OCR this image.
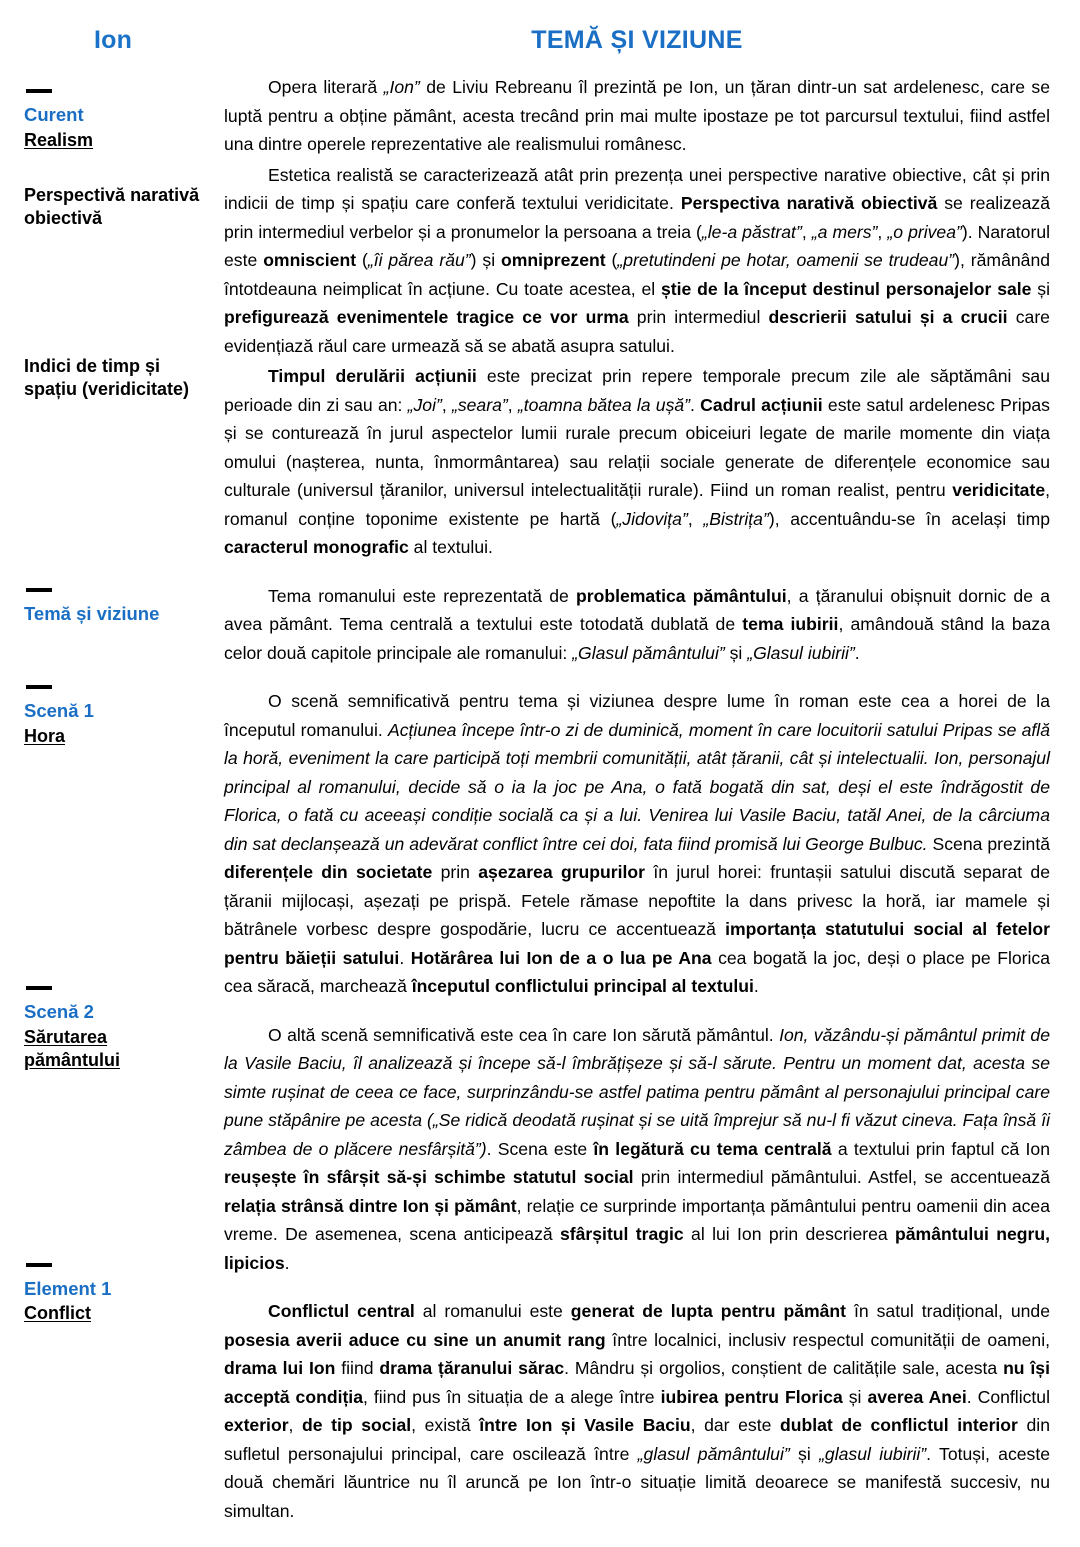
Ion
Curent
Realism
Perspectivă narativă obiectivă
Indici de timp și spațiu (veridicitate)
Temă și viziune
Scenă 1
Hora
Scenă 2
Sărutarea pământului
Element 1
Conflict
TEMĂ ȘI VIZIUNE

Opera literară „Ion” de Liviu Rebreanu îl prezintă pe Ion, un țăran dintr-un sat ardelenesc, care se luptă pentru a obține pământ, acesta trecând prin mai multe ipostaze pe tot parcursul textului, fiind astfel una dintre operele reprezentative ale realismului românesc.

Estetica realistă se caracterizează atât prin prezența unei perspective narative obiective, cât și prin indicii de timp și spațiu care conferă textului veridicitate. Perspectiva narativă obiectivă se realizează prin intermediul verbelor și a pronumelor la persoana a treia („le-a păstrat”, „a mers”, „o privea”). Naratorul este omniscient („îi părea rău”) și omniprezent („pretutindeni pe hotar, oamenii se trudeau”), rămânând întotdeauna neimplicat în acțiune. Cu toate acestea, el știe de la început destinul personajelor sale și prefigurează evenimentele tragice ce vor urma prin intermediul descrierii satului și a crucii care evidențiază răul care urmează să se abată asupra satului.

Timpul derulării acțiunii este precizat prin repere temporale precum zile ale săptămâni sau perioade din zi sau an: „Joi”, „seara”, „toamna bătea la ușă”. Cadrul acțiunii este satul ardelenesc Pripas și se conturează în jurul aspectelor lumii rurale precum obiceiuri legate de marile momente din viața omului (nașterea, nunta, înmormântarea) sau relații sociale generate de diferențele economice sau culturale (universul țăranilor, universul intelectualității rurale). Fiind un roman realist, pentru veridicitate, romanul conține toponime existente pe hartă („Jidovița”, „Bistrița”), accentuându-se în același timp caracterul monografic al textului.

Tema romanului este reprezentată de problematica pământului, a țăranului obișnuit dornic de a avea pământ. Tema centrală a textului este totodată dublată de tema iubirii, amândouă stând la baza celor două capitole principale ale romanului: „Glasul pământului” și „Glasul iubirii”.

O scenă semnificativă pentru tema și viziunea despre lume în roman este cea a horei de la începutul romanului. Acțiunea începe într-o zi de duminică, moment în care locuitorii satului Pripas se află la horă, eveniment la care participă toți membrii comunității, atât țăranii, cât și intelectualii. Ion, personajul principal al romanului, decide să o ia la joc pe Ana, o fată bogată din sat, deși el este îndrăgostit de Florica, o fată cu aceeași condiție socială ca și a lui. Venirea lui Vasile Baciu, tatăl Anei, de la cârciuma din sat declanșează un adevărat conflict între cei doi, fata fiind promisă lui George Bulbuc. Scena prezintă diferențele din societate prin așezarea grupurilor în jurul horei: fruntașii satului discută separat de țăranii mijlocași, așezați pe prispă. Fetele rămase nepoftite la dans privesc la horă, iar mamele și bătrânele vorbesc despre gospodărie, lucru ce accentuează importanța statutului social al fetelor pentru băieții satului. Hotărârea lui Ion de a o lua pe Ana cea bogată la joc, deși o place pe Florica cea săracă, marchează începutul conflictului principal al textului.

O altă scenă semnificativă este cea în care Ion sărută pământul. Ion, văzându-și pământul primit de la Vasile Baciu, îl analizează și începe să-l îmbrățișeze și să-l sărute. Pentru un moment dat, acesta se simte rușinat de ceea ce face, surprinzându-se astfel patima pentru pământ al personajului principal care pune stăpânire pe acesta („Se ridică deodată rușinat și se uită împrejur să nu-l fi văzut cineva. Fața însă îi zâmbea de o plăcere nesfârșită”). Scena este în legătură cu tema centrală a textului prin faptul că Ion reușește în sfârșit să-și schimbe statutul social prin intermediul pământului. Astfel, se accentuează relația strânsă dintre Ion și pământ, relație ce surprinde importanța pământului pentru oamenii din acea vreme. De asemenea, scena anticipează sfârșitul tragic al lui Ion prin descrierea pământului negru, lipicios.

Conflictul central al romanului este generat de lupta pentru pământ în satul tradițional, unde posesia averii aduce cu sine un anumit rang între localnici, inclusiv respectul comunității de oameni, drama lui Ion fiind drama țăranului sărac. Mândru și orgolios, conștient de calitățile sale, acesta nu își acceptă condiția, fiind pus în situația de a alege între iubirea pentru Florica și averea Anei. Conflictul exterior, de tip social, există între Ion și Vasile Baciu, dar este dublat de conflictul interior din sufletul personajului principal, care oscilează între „glasul pământului” și „glasul iubirii”. Totuși, aceste două chemări lăuntrice nu îl aruncă pe Ion într-o situație limită deoarece se manifestă succesiv, nu simultan.
